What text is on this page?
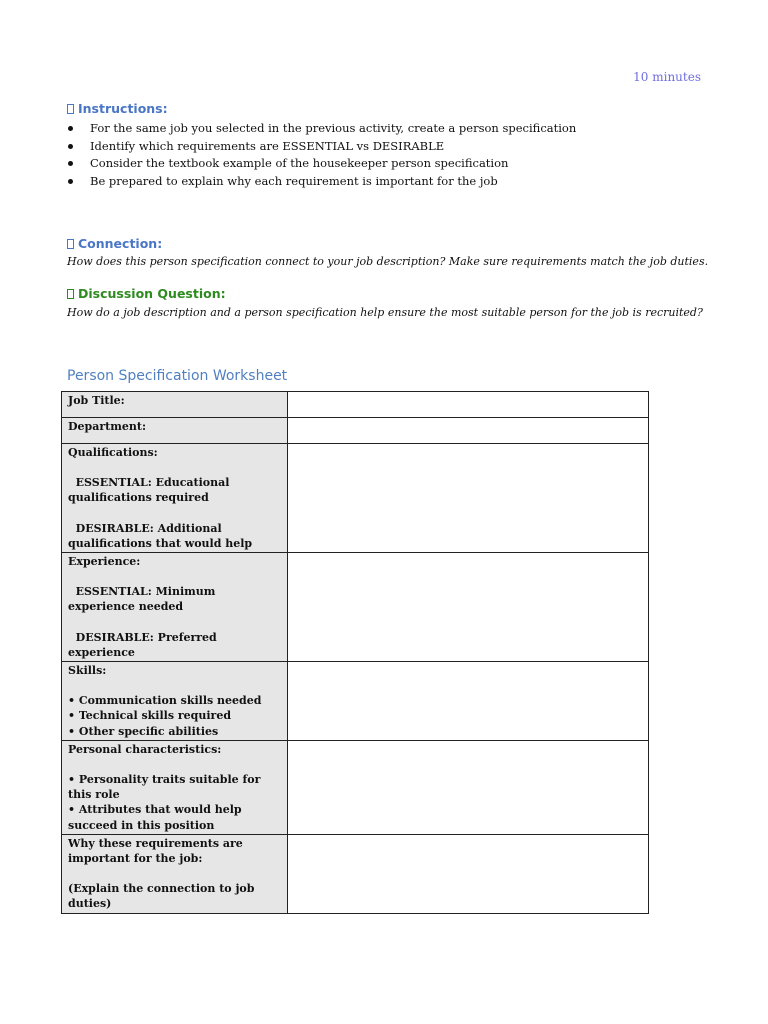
10 minutes
Instructions:
For the same job you selected in the previous activity, create a person specification
Identify which requirements are ESSENTIAL vs DESIRABLE
Consider the textbook example of the housekeeper person specification
Be prepared to explain why each requirement is important for the job
Connection:
How does this person specification connect to your job description? Make sure requirements match the job duties.
Discussion Question:
How do a job description and a person specification help ensure the most suitable person for the job is recruited?
Person Specification Worksheet
Job Title:	

Department:	

Qualifications:
ESSENTIAL: Educational qualifications required
DESIRABLE: Additional qualifications that would help	

Experience:
ESSENTIAL: Minimum experience needed
DESIRABLE: Preferred experience	

Skills:
• Communication skills needed
• Technical skills required
• Other specific abilities	

Personal characteristics:
• Personality traits suitable for this role
• Attributes that would help succeed in this position	

Why these requirements are important for the job:
(Explain the connection to job duties)	
